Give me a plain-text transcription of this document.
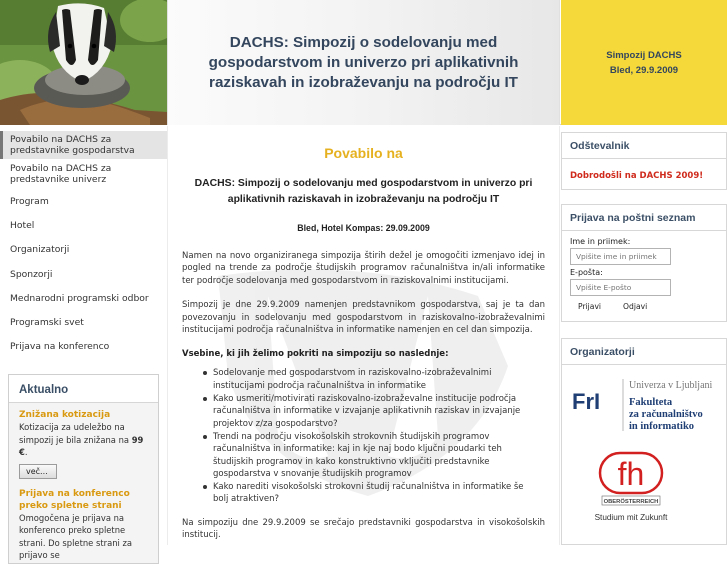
DACHS: Simpozij o sodelovanju med gospodarstvom in univerzo pri aplikativnih raziskavah in izobraževanju na področju IT
Simpozij DACHS
Bled, 29.9.2009
Povabilo na DACHS za predstavnike gospodarstva
Povabilo na DACHS za predstavnike univerz
Program
Hotel
Organizatorji
Sponzorji
Mednarodni programski odbor
Programski svet
Prijava na konferenco
Aktualno
Znižana kotizacija
Kotizacija za udeležbo na simpozij je bila znižana na 99 €.
več...
Prijava na konferenco preko spletne strani
Omogočena je prijava na konferenco preko spletne strani. Do spletne strani za prijavo se
Povabilo na
DACHS: Simpozij o sodelovanju med gospodarstvom in univerzo pri aplikativnih raziskavah in izobraževanju na področju IT
Bled, Hotel Kompas: 29.09.2009

Namen na novo organiziranega simpozija štirih dežel je omogočiti izmenjavo idej in pogled na trende za področje študijskih programov računalništva in/ali informatike ter področje sodelovanja med gospodarstvom in raziskovalnimi institucijami.

Simpozij je dne 29.9.2009 namenjen predstavnikom gospodarstva, saj je ta dan povezovanju in sodelovanju med gospodarstvom in raziskovalno-izobraževalnimi institucijami področja računalništva in informatike namenjen en cel dan simpozija.

Vsebine, ki jih želimo pokriti na simpoziju so naslednje:

Sodelovanje med gospodarstvom in raziskovalno-izobraževalnimi institucijami področja računalništva in informatike
Kako usmeriti/motivirati raziskovalno-izobraževalne institucije področja računalništva in informatike v izvajanje aplikativnih raziskav in izvajanje projektov z/za gospodarstvo?
Trendi na področju visokošolskih strokovnih študijskih programov računalništva in informatike: kaj in kje naj bodo ključni poudarki teh študijskih programov in kako konstruktivno vključiti predstavnike gospodarstva v snovanje študijskih programov
Kako narediti visokošolski strokovni študij računalništva in informatike še bolj atraktiven?

Na simpoziju dne 29.9.2009 se srečajo predstavniki gospodarstva in visokošolskih institucij.

Odštevalnik
Dobrodošli na DACHS 2009!
Prijava na poštni seznam
Ime in priimek:
Vpišite ime in priimek
E-pošta:
Vpišite E-pošto
Prijavi	Odjavi
Organizatorji
FrI
Univerza v Ljubljani
Fakulteta
za računalništvo
in informatiko
fh
OBERÖSTERREICH
Studium mit Zukunft
